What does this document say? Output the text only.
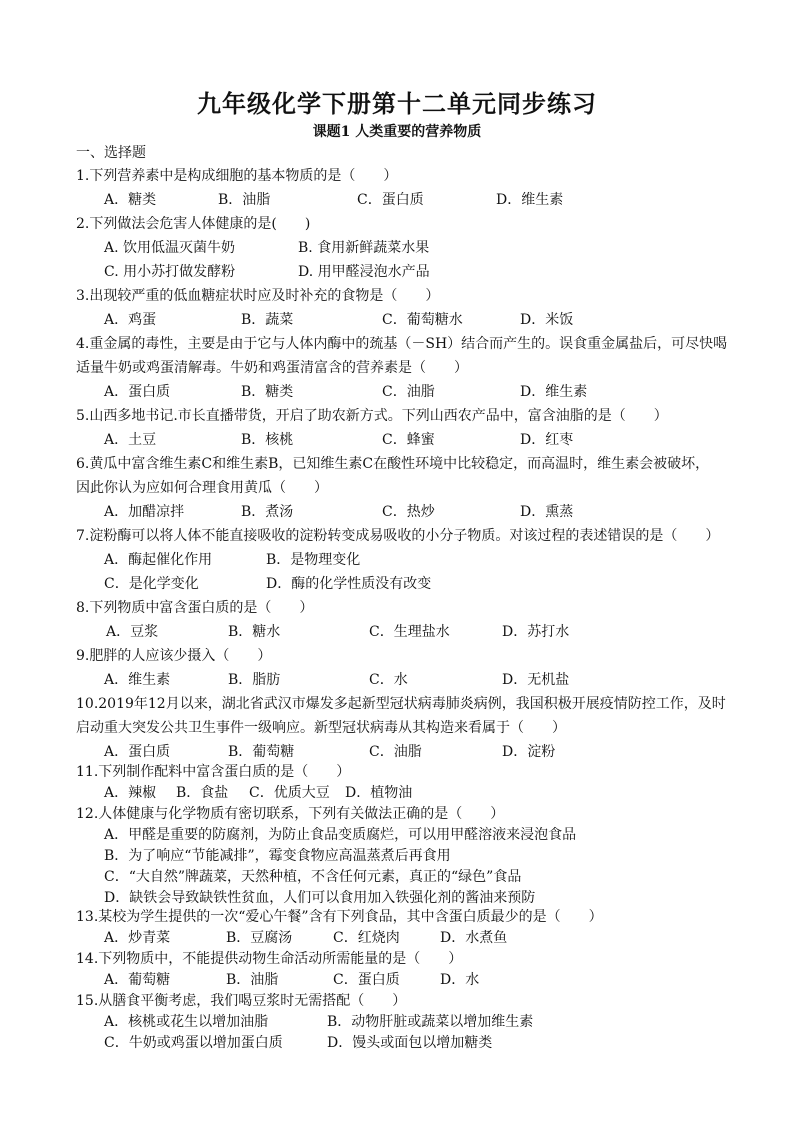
九年级化学下册第十二单元同步练习
课题1 人类重要的营养物质
一、选择题
1.下列营养素中是构成细胞的基本物质的是（　　）
A．糖类	B．油脂	C．蛋白质	D．维生素
2.下列做法会危害人体健康的是(　　)
A. 饮用低温灭菌牛奶	B. 食用新鲜蔬菜水果
C. 用小苏打做发酵粉	D. 用甲醛浸泡水产品
3.出现较严重的低血糖症状时应及时补充的食物是（　　）
A．鸡蛋	B．蔬菜	C．葡萄糖水	D．米饭
4.重金属的毒性，主要是由于它与人体内酶中的巯基（－SH）结合而产生的。误食重金属盐后，可尽快喝
适量牛奶或鸡蛋清解毒。牛奶和鸡蛋清富含的营养素是（　　）
A．蛋白质	B．糖类	C．油脂	D．维生素
5.山西多地书记.市长直播带货，开启了助农新方式。下列山西农产品中，富含油脂的是（　　）
A．土豆	B．核桃	C．蜂蜜	D．红枣
6.黄瓜中富含维生素C和维生素B，已知维生素C在酸性环境中比较稳定，而高温时，维生素会被破坏，
因此你认为应如何合理食用黄瓜（　　）
A．加醋凉拌	B．煮汤	C．热炒	D．熏蒸
7.淀粉酶可以将人体不能直接吸收的淀粉转变成易吸收的小分子物质。对该过程的表述错误的是（　　）
A．酶起催化作用	B．是物理变化
C．是化学变化	D．酶的化学性质没有改变
8.下列物质中富含蛋白质的是（　　）
A．豆浆	B．糖水	C．生理盐水	D．苏打水
9.肥胖的人应该少摄入（　　）
A．维生素	B．脂肪	C．水	D．无机盐
10.2019年12月以来，湖北省武汉市爆发多起新型冠状病毒肺炎病例，我国积极开展疫情防控工作，及时
启动重大突发公共卫生事件一级响应。新型冠状病毒从其构造来看属于（　　）
A．蛋白质	B．葡萄糖	C．油脂	D．淀粉
11.下列制作配料中富含蛋白质的是（　　）
A．辣椒 B．食盐 C．优质大豆 D．植物油
12.人体健康与化学物质有密切联系，下列有关做法正确的是（　　）
A．甲醛是重要的防腐剂，为防止食品变质腐烂，可以用甲醛溶液来浸泡食品
B．为了响应“节能减排”，霉变食物应高温蒸煮后再食用
C．“大自然”牌蔬菜，天然种植，不含任何元素，真正的“绿色”食品
D．缺铁会导致缺铁性贫血，人们可以食用加入铁强化剂的酱油来预防
13.某校为学生提供的一次“爱心午餐”含有下列食品，其中含蛋白质最少的是（　　）
A．炒青菜	B．豆腐汤	C．红烧肉	D．水煮鱼
14.下列物质中，不能提供动物生命活动所需能量的是（　　）
A．葡萄糖	B．油脂	C．蛋白质	D．水
15.从膳食平衡考虑，我们喝豆浆时无需搭配（　　）
A．核桃或花生以增加油脂	B．动物肝脏或蔬菜以增加维生素
C．牛奶或鸡蛋以增加蛋白质	D．馒头或面包以增加糖类
